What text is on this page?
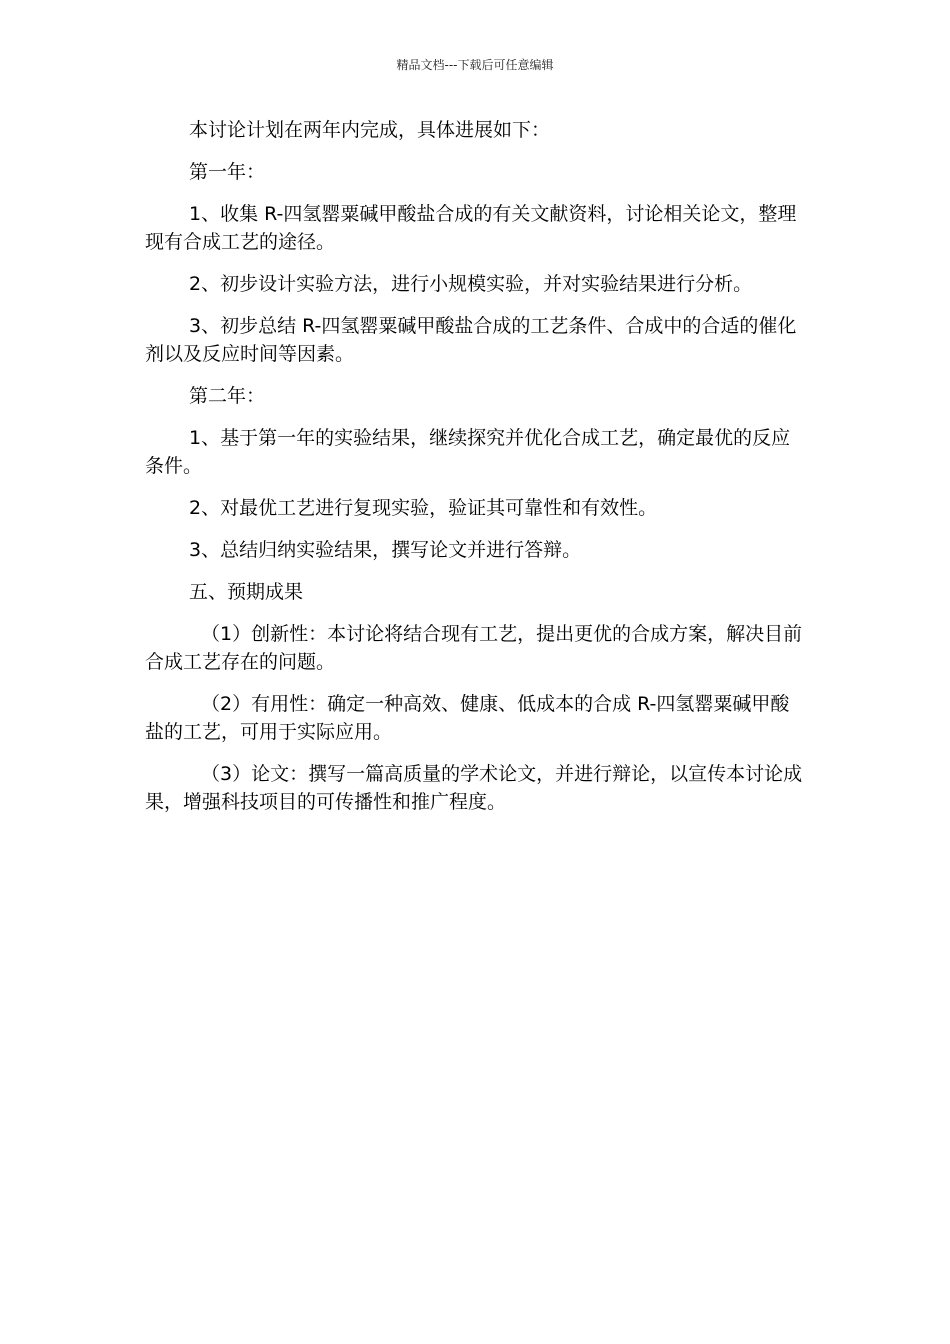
精品文档---下载后可任意编辑

本讨论计划在两年内完成，具体进展如下：

第一年：

1、收集 R-四氢罂粟碱甲酸盐合成的有关文献资料，讨论相关论文，整理现有合成工艺的途径。

2、初步设计实验方法，进行小规模实验，并对实验结果进行分析。

3、初步总结 R-四氢罂粟碱甲酸盐合成的工艺条件、合成中的合适的催化剂以及反应时间等因素。

第二年：

1、基于第一年的实验结果，继续探究并优化合成工艺，确定最优的反应条件。

2、对最优工艺进行复现实验，验证其可靠性和有效性。

3、总结归纳实验结果，撰写论文并进行答辩。

五、预期成果

（1）创新性：本讨论将结合现有工艺，提出更优的合成方案，解决目前合成工艺存在的问题。

（2）有用性：确定一种高效、健康、低成本的合成 R-四氢罂粟碱甲酸盐的工艺，可用于实际应用。

（3）论文：撰写一篇高质量的学术论文，并进行辩论，以宣传本讨论成果，增强科技项目的可传播性和推广程度。
